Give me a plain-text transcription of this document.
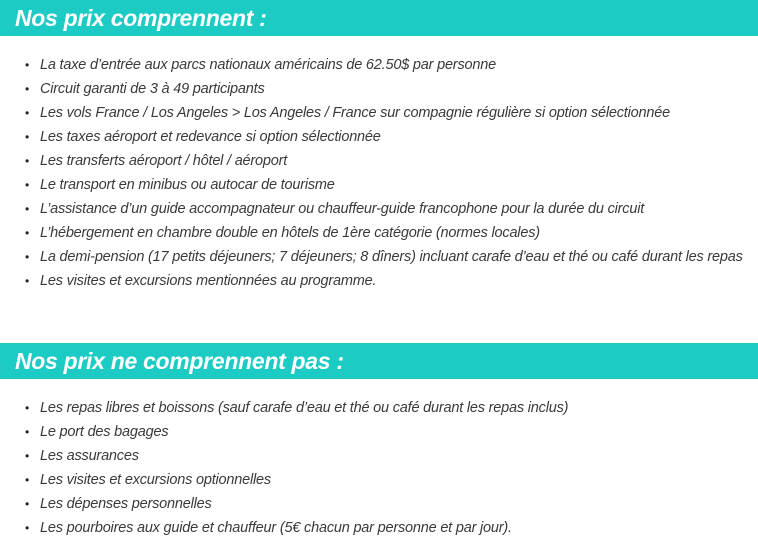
Nos prix comprennent :
• La taxe d’entrée aux parcs nationaux américains de 62.50$ par personne
• Circuit garanti de 3 à 49 participants
• Les vols France / Los Angeles > Los Angeles / France sur compagnie régulière si option sélectionnée
• Les taxes aéroport et redevance si option sélectionnée
• Les transferts aéroport / hôtel / aéroport
• Le transport en minibus ou autocar de tourisme
• L’assistance d’un guide accompagnateur ou chauffeur-guide francophone pour la durée du circuit
• L’hébergement en chambre double en hôtels de 1ère catégorie (normes locales)
• La demi-pension (17 petits déjeuners; 7 déjeuners; 8 dîners) incluant carafe d’eau et thé ou café durant les repas
• Les visites et excursions mentionnées au programme.
Nos prix ne comprennent pas :
• Les repas libres et boissons (sauf carafe d’eau et thé ou café durant les repas inclus)
• Le port des bagages
• Les assurances
• Les visites et excursions optionnelles
• Les dépenses personnelles
• Les pourboires aux guide et chauffeur (5€ chacun par personne et par jour).
